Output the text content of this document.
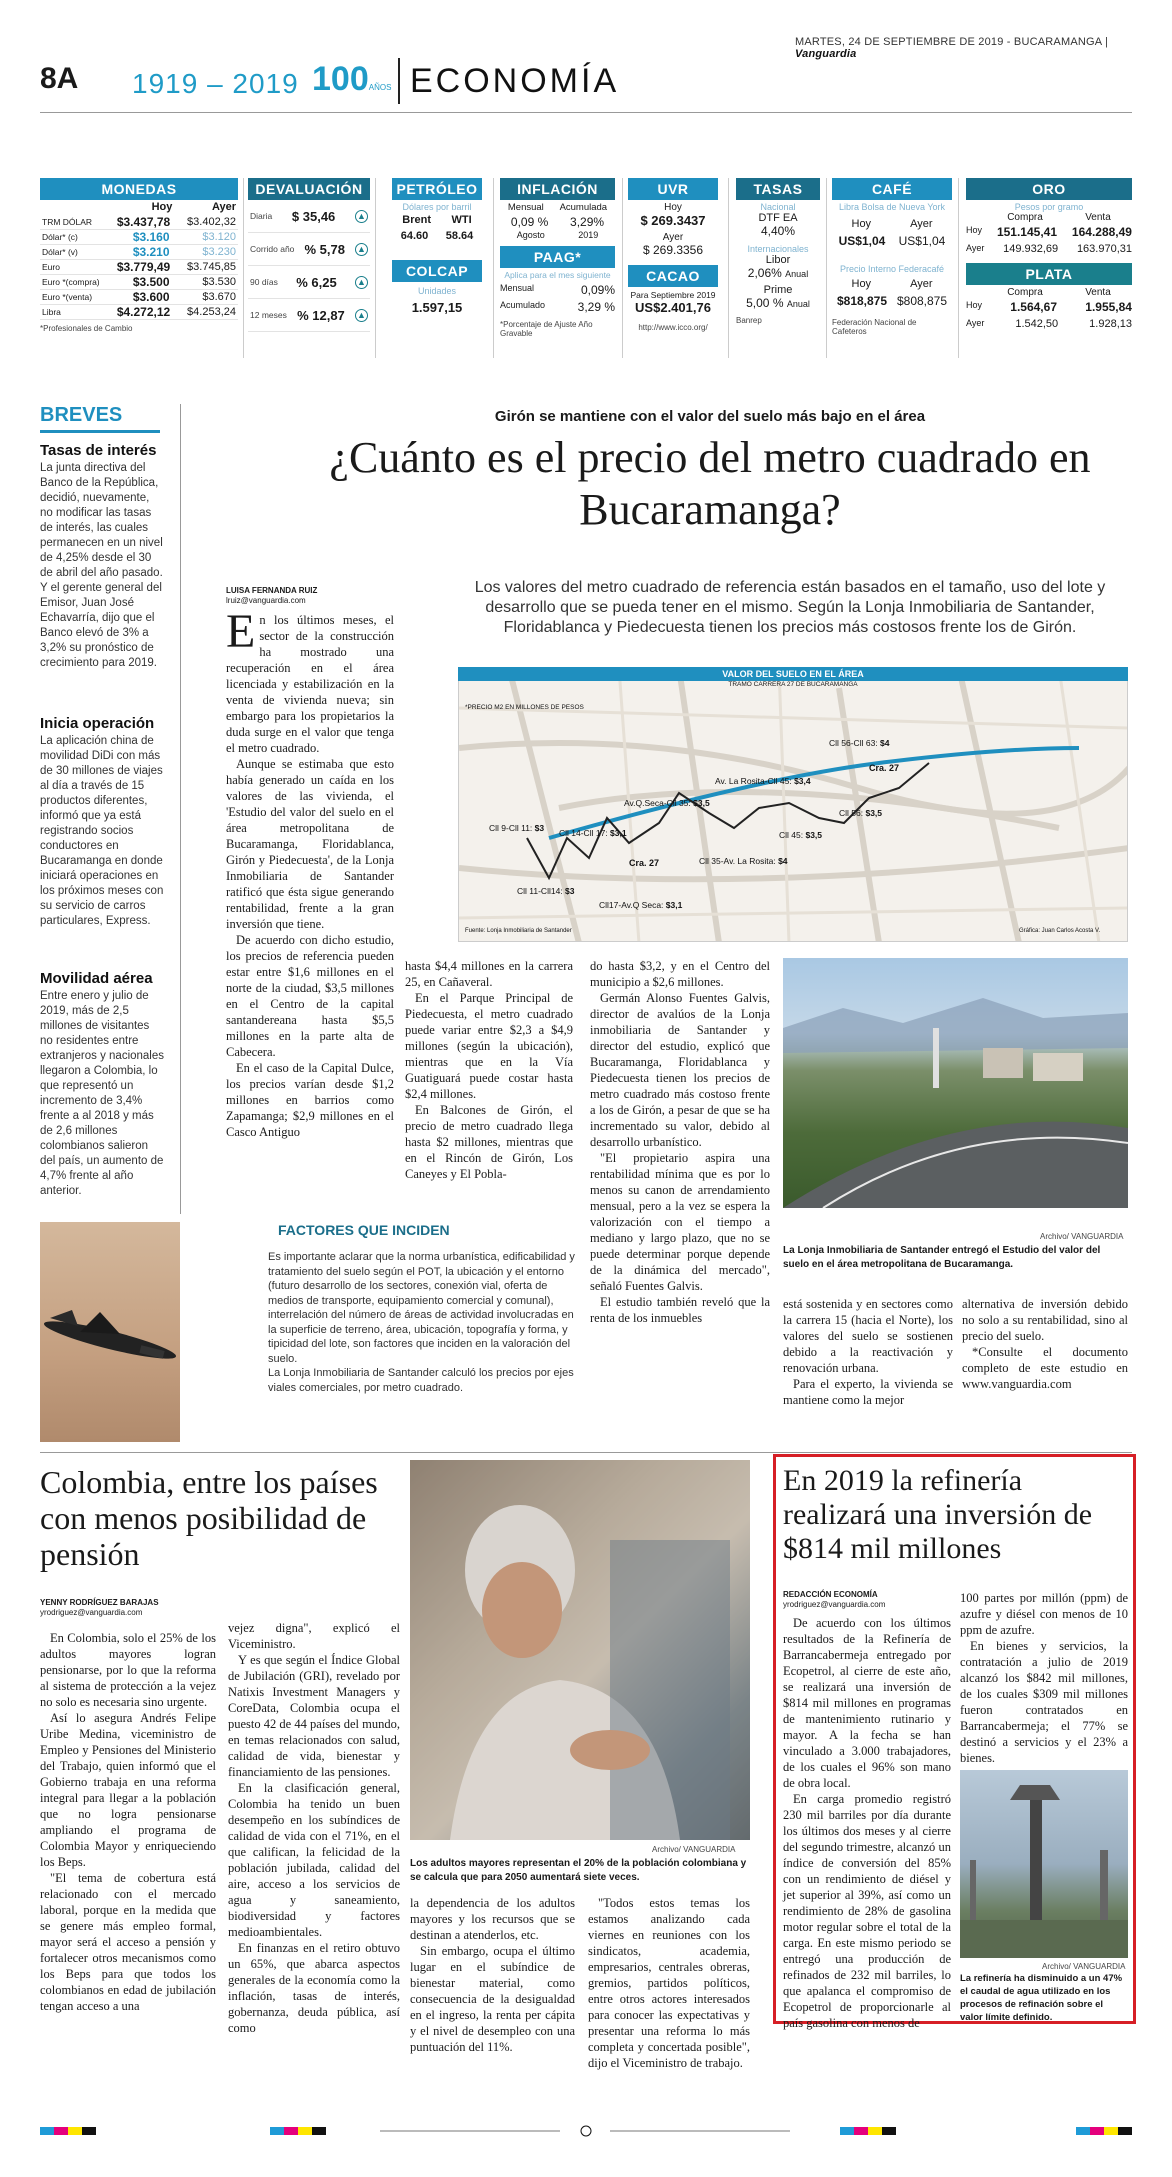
MARTES, 24 DE SEPTIEMBRE DE 2019 - BUCARAMANGA | Vanguardia
8A 1919 – 2019 100AÑOS ECONOMÍA
MONEDAS
Hoy	Ayer
TRM DÓLAR	$3.437,78 $3.402,32
Dólar* (c)	$3.160	$3.120
Dólar* (v)	$3.210	$3.230
Euro	$3.779,49 $3.745,85
Euro *(compra)	$3.500	$3.530
Euro *(venta)	$3.600	$3.670
Libra	$4.272,12 $4.253,24
*Profesionales de Cambio
DEVALUACIÓN
Diaria $ 35,46 ▲
Corrido año % 5,78 ▲
90 días % 6,25 ▲
12 meses % 12,87 ▲
PETRÓLEO
Dólares por barril
Brent WTI
64.60 58.64
COLCAP
Unidades
1.597,15
INFLACIÓN
Mensual Acumulada
0,09 % 3,29%
Agosto	2019
PAAG*
Aplica para el mes siguiente
Mensual	0,09%
Acumulado	3,29 %
*Porcentaje de Ajuste Año Gravable
UVR
Hoy
$ 269.3437
Ayer
$ 269.3356
CACAO
Para Septiembre 2019
US$2.401,76
http://www.icco.org/
TASAS
Nacional
DTF EA
4,40%
Internacionales
Libor
2,06% Anual
Prime
5,00 % Anual
Banrep
CAFÉ
Libra Bolsa de Nueva York
Hoy	Ayer
US$1,04 US$1,04
Precio Interno Federacafé
Hoy	Ayer
$818,875 $808,875
Federación Nacional de Cafeteros
ORO
Pesos por gramo
Compra	Venta
Hoy 151.145,41 164.288,49
Ayer 149.932,69 163.970,31
PLATA
Compra	Venta
Hoy 1.564,67 1.955,84
Ayer	1.542,50	1.928,13
BREVES
Tasas de interés

La junta directiva del Banco de la República, decidió, nuevamente, no modificar las tasas de interés, las cuales permanecen en un nivel de 4,25% desde el 30 de abril del año pasado. Y el gerente general del Emisor, Juan José Echavarría, dijo que el Banco elevó de 3% a 3,2% su pronóstico de crecimiento para 2019.

Inicia operación

La aplicación china de movilidad DiDi con más de 30 millones de viajes al día a través de 15 productos diferentes, informó que ya está registrando socios conductores en Bucaramanga en donde iniciará operaciones en los próximos meses con su servicio de carros particulares, Express.

Movilidad aérea

Entre enero y julio de 2019, más de 2,5 millones de visitantes no residentes entre extranjeros y nacionales llegaron a Colombia, lo que representó un incremento de 3,4% frente a al 2018 y más de 2,6 millones colombianos salieron del país, un aumento de 4,7% frente al año anterior.

Girón se mantiene con el valor del suelo más bajo en el área
¿Cuánto es el precio del metro cuadrado en Bucaramanga?
LUISA FERNANDA RUIZ
lruiz@vanguardia.com
Los valores del metro cuadrado de referencia están basados en el tamaño, uso del lote y desarrollo que se pueda tener en el mismo. Según la Lonja Inmobiliaria de Santander, Floridablanca y Piedecuesta tienen los precios más costosos frente los de Girón.
En los últimos meses, el sector de la construcción ha mostrado una recuperación en el área licenciada y estabilización en la venta de vivienda nueva; sin embargo para los propietarios la duda surge en el valor que tenga el metro cuadrado.

Aunque se estimaba que esto había generado un caída en los valores de las vivienda, el 'Estudio del valor del suelo en el área metropolitana de Bucaramanga, Floridablanca, Girón y Piedecuesta', de la Lonja Inmobiliaria de Santander ratificó que ésta sigue generando rentabilidad, frente a la gran inversión que tiene.

De acuerdo con dicho estudio, los precios de referencia pueden estar entre $1,6 millones en el norte de la ciudad, $3,5 millones en el Centro de la capital santandereana hasta $5,5 millones en la parte alta de Cabecera.

En el caso de la Capital Dulce, los precios varían desde $1,2 millones en barrios como Zapamanga; $2,9 millones en el Casco Antiguo

hasta $4,4 millones en la carrera 25, en Cañaveral.

En el Parque Principal de Piedecuesta, el metro cuadrado puede variar entre $2,3 a $4,9 millones (según la ubicación), mientras que en la Vía Guatiguará puede costar hasta $2,4 millones.

En Balcones de Girón, el precio de metro cuadrado llega hasta $2 millones, mientras que en el Rincón de Girón, Los Caneyes y El Pobla-

do hasta $3,2, y en el Centro del municipio a $2,6 millones.

Germán Alonso Fuentes Galvis, director de avalúos de la Lonja inmobiliaria de Santander y director del estudio, explicó que Bucaramanga, Floridablanca y Piedecuesta tienen los precios de metro cuadrado más costoso frente a los de Girón, a pesar de que se ha incrementado su valor, debido al desarrollo urbanístico.

"El propietario aspira una rentabilidad mínima que es por lo menos su canon de arrendamiento mensual, pero a la vez se espera la valorización con el tiempo a mediano y largo plazo, que no se puede determinar porque depende de la dinámica del mercado", señaló Fuentes Galvis.

El estudio también reveló que la renta de los inmuebles

está sostenida y en sectores como la carrera 15 (hacia el Norte), los valores del suelo se sostienen debido a la reactivación y renovación urbana.

Para el experto, la vivienda se mantiene como la mejor

alternativa de inversión debido no solo a su rentabilidad, sino al precio del suelo.

*Consulte el documento completo de este estudio en www.vanguardia.com

Cll 9-Cll 11: $3
Cll 11-Cll14: $3
Cll 14-Cll 17: $3,1
Cll17-Av.Q Seca: $3,1
Av.Q.Seca-Cll 35: $3,5
Cll 35-Av. La Rosita: $4
Av. La Rosita-Cll 45: $3,4
Cll 45: $3,5
Cll 56: $3,5
Cll 56-Cll 63: $4
*PRECIO M2 EN MILLONES DE PESOS
Cra. 27
Cra. 27
Fuente: Lonja Inmobiliaria de Santander	Gráfica: Juan Carlos Acosta V.
VALOR DEL SUELO EN EL ÁREA
TRAMO CARRERA 27 DE BUCARAMANGA
Archivo/ VANGUARDIA
La Lonja Inmobiliaria de Santander entregó el Estudio del valor del suelo en el área metropolitana de Bucaramanga.
FACTORES QUE INCIDEN

Es importante aclarar que la norma urbanística, edificabilidad y tratamiento del suelo según el POT, la ubicación y el entorno (futuro desarrollo de los sectores, conexión vial, oferta de medios de transporte, equipamiento comercial y comunal), interrelación del número de áreas de actividad involucradas en la superficie de terreno, área, ubicación, topografía y forma, y tipicidad del lote, son factores que inciden en la valoración del suelo.

La Lonja Inmobiliaria de Santander calculó los precios por ejes viales comerciales, por metro cuadrado.

Colombia, entre los países con menos posibilidad de pensión
YENNY RODRÍGUEZ BARAJAS
yrodriguez@vanguardia.com

En Colombia, solo el 25% de los adultos mayores logran pensionarse, por lo que la reforma al sistema de protección a la vejez no solo es necesaria sino urgente.

Así lo asegura Andrés Felipe Uribe Medina, viceministro de Empleo y Pensiones del Ministerio del Trabajo, quien informó que el Gobierno trabaja en una reforma integral para llegar a la población que no logra pensionarse ampliando el programa de Colombia Mayor y enriqueciendo los Beps.

"El tema de cobertura está relacionado con el mercado laboral, porque en la medida que se genere más empleo formal, mayor será el acceso a pensión y fortalecer otros mecanismos como los Beps para que todos los colombianos en edad de jubilación tengan acceso a una

vejez digna", explicó el Viceministro.

Y es que según el Índice Global de Jubilación (GRI), revelado por Natixis Investment Managers y CoreData, Colombia ocupa el puesto 42 de 44 países del mundo, en temas relacionados con salud, calidad de vida, bienestar y financiamiento de las pensiones.

En la clasificación general, Colombia ha tenido un buen desempeño en los subíndices de calidad de vida con el 71%, en el que califican, la felicidad de la población jubilada, calidad del aire, acceso a los servicios de agua y saneamiento, biodiversidad y factores medioambientales.

En finanzas en el retiro obtuvo un 65%, que abarca aspectos generales de la economía como la inflación, tasas de interés, gobernanza, deuda pública, así como

la dependencia de los adultos mayores y los recursos que se destinan a atenderlos, etc.

Sin embargo, ocupa el último lugar en el subíndice de bienestar material, como consecuencia de la desigualdad en el ingreso, la renta per cápita y el nivel de desempleo con una puntuación del 11%.

"Todos estos temas los estamos analizando cada viernes en reuniones con los sindicatos, academia, empresarios, centrales obreras, gremios, partidos políticos, entre otros actores interesados para conocer las expectativas y presentar una reforma lo más completa y concertada posible", dijo el Viceministro de trabajo.

Archivo/ VANGUARDIA
Los adultos mayores representan el 20% de la población colombiana y se calcula que para 2050 aumentará siete veces.
En 2019 la refinería realizará una inversión de $814 mil millones
REDACCIÓN ECONOMÍA
yrodriguez@vanguardia.com

De acuerdo con los últimos resultados de la Refinería de Barrancabermeja entregado por Ecopetrol, al cierre de este año, se realizará una inversión de $814 mil millones en programas de mantenimiento rutinario y mayor. A la fecha se han vinculado a 3.000 trabajadores, de los cuales el 96% son mano de obra local.

En carga promedio registró 230 mil barriles por día durante los últimos dos meses y al cierre del segundo trimestre, alcanzó un índice de conversión del 85% con un rendimiento de diésel y jet superior al 39%, así como un rendimiento de 28% de gasolina motor regular sobre el total de la carga. En este mismo periodo se entregó una producción de refinados de 232 mil barriles, lo que apalanca el compromiso de Ecopetrol de proporcionarle al país gasolina con menos de

100 partes por millón (ppm) de azufre y diésel con menos de 10 ppm de azufre.

En bienes y servicios, la contratación a julio de 2019 alcanzó los $842 mil millones, de los cuales $309 mil millones fueron contratados en Barrancabermeja; el 77% se destinó a servicios y el 23% a bienes.

Archivo/ VANGUARDIA
La refinería ha disminuido a un 47% el caudal de agua utilizado en los procesos de refinación sobre el valor límite definido.
